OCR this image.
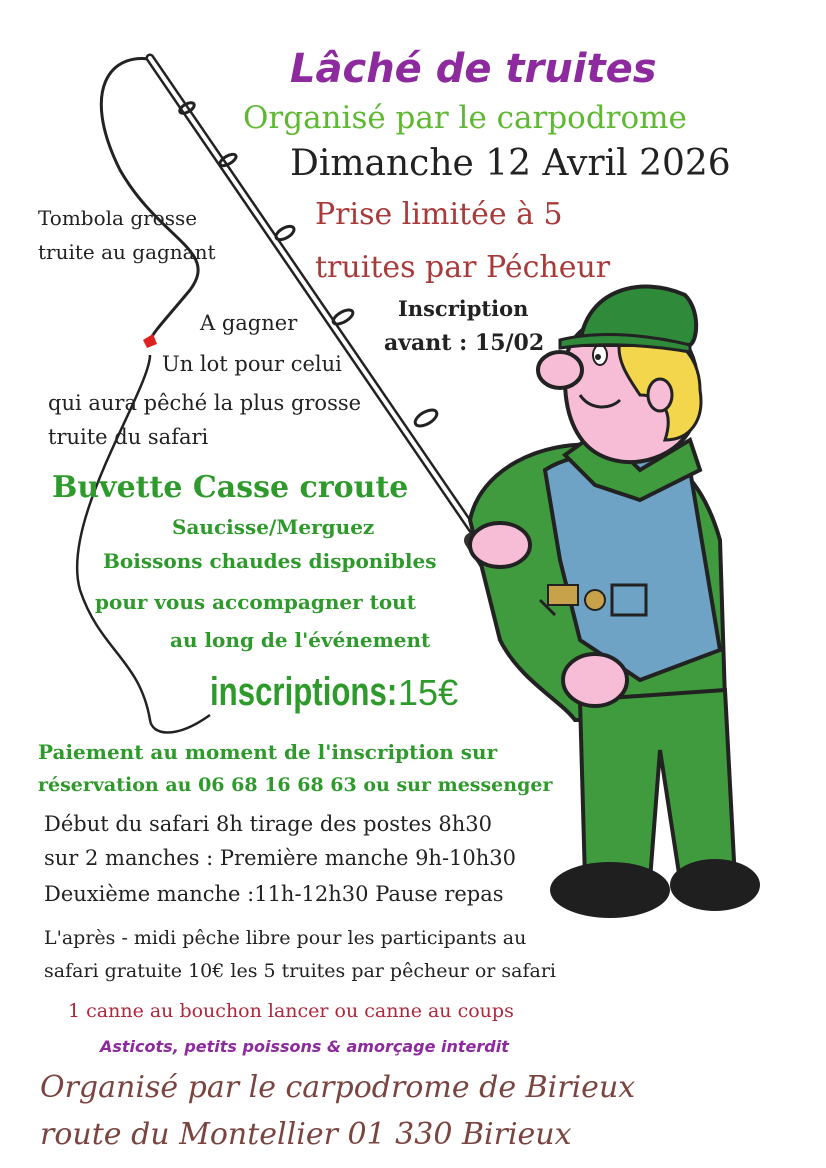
Lâché de truites
Organisé par le carpodrome
Dimanche 12 Avril 2026
Prise limitée à 5
truites par Pécheur
Tombola grosse
truite au gagnant
Inscription
avant : 15/02
A gagner
Un lot pour celui
qui aura pêché la plus grosse
truite du safari
Buvette Casse croute
Saucisse/Merguez
Boissons chaudes disponibles
pour vous accompagner tout
au long de l'événement
inscriptions:15€
Paiement au moment de l'inscription sur
réservation au 06 68 16 68 63 ou sur messenger
Début du safari 8h tirage des postes 8h30
sur 2 manches : Première manche 9h-10h30
Deuxième manche :11h-12h30 Pause repas
L'après - midi pêche libre pour les participants au
safari gratuite 10€ les 5 truites par pêcheur or safari
1 canne au bouchon lancer ou canne au coups
Asticots, petits poissons & amorçage interdit
Organisé par le carpodrome de Birieux
route du Montellier 01 330 Birieux
